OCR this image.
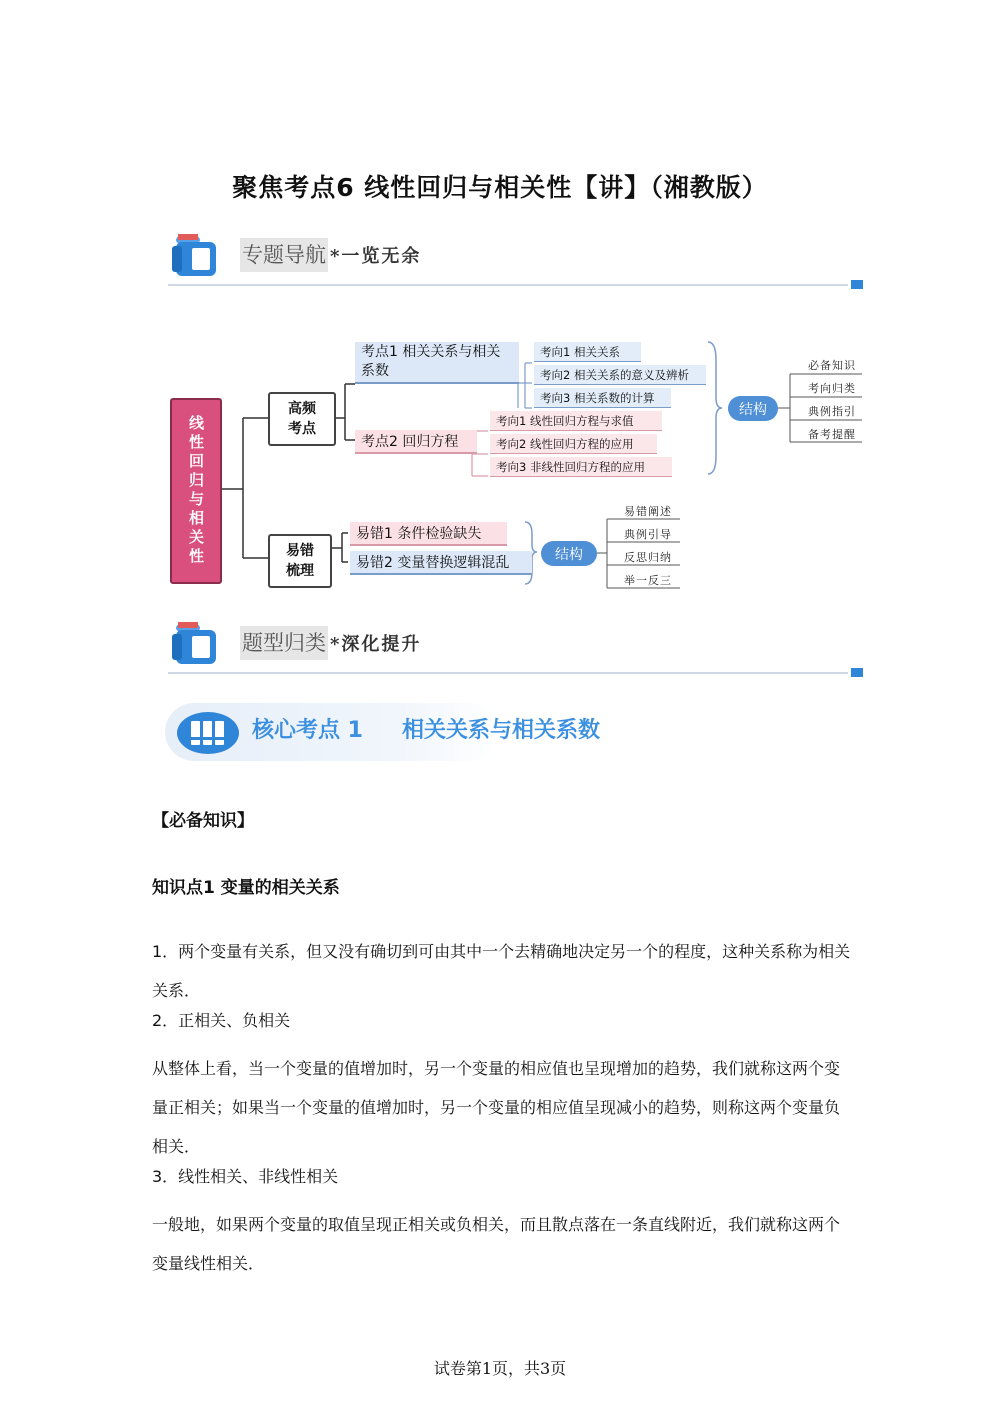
聚焦考点6 线性回归与相关性【讲】（湘教版）
专题导航 *一览无余
线性回归与相关性
高频考点
易错梳理
考点1 相关关系与相关系数
考点2 回归方程
考向1 相关关系
考向2 相关关系的意义及辨析
考向3 相关系数的计算
考向1 线性回归方程与求值
考向2 线性回归方程的应用
考向3 非线性回归方程的应用
结构
必备知识
考向归类
典例指引
备考提醒
易错1 条件检验缺失
易错2 变量替换逻辑混乱
结构
易错阐述
典例引导
反思归纳
举一反三
题型归类 *深化提升
核心考点 1 相关关系与相关系数
【必备知识】
知识点1 变量的相关关系
1．两个变量有关系，但又没有确切到可由其中一个去精确地决定另一个的程度，这种关系称为相关关系．
2．正相关、负相关
从整体上看，当一个变量的值增加时，另一个变量的相应值也呈现增加的趋势，我们就称这两个变量正相关；如果当一个变量的值增加时，另一个变量的相应值呈现减小的趋势，则称这两个变量负相关．
3．线性相关、非线性相关
一般地，如果两个变量的取值呈现正相关或负相关，而且散点落在一条直线附近，我们就称这两个变量线性相关．
试卷第1页，共3页
